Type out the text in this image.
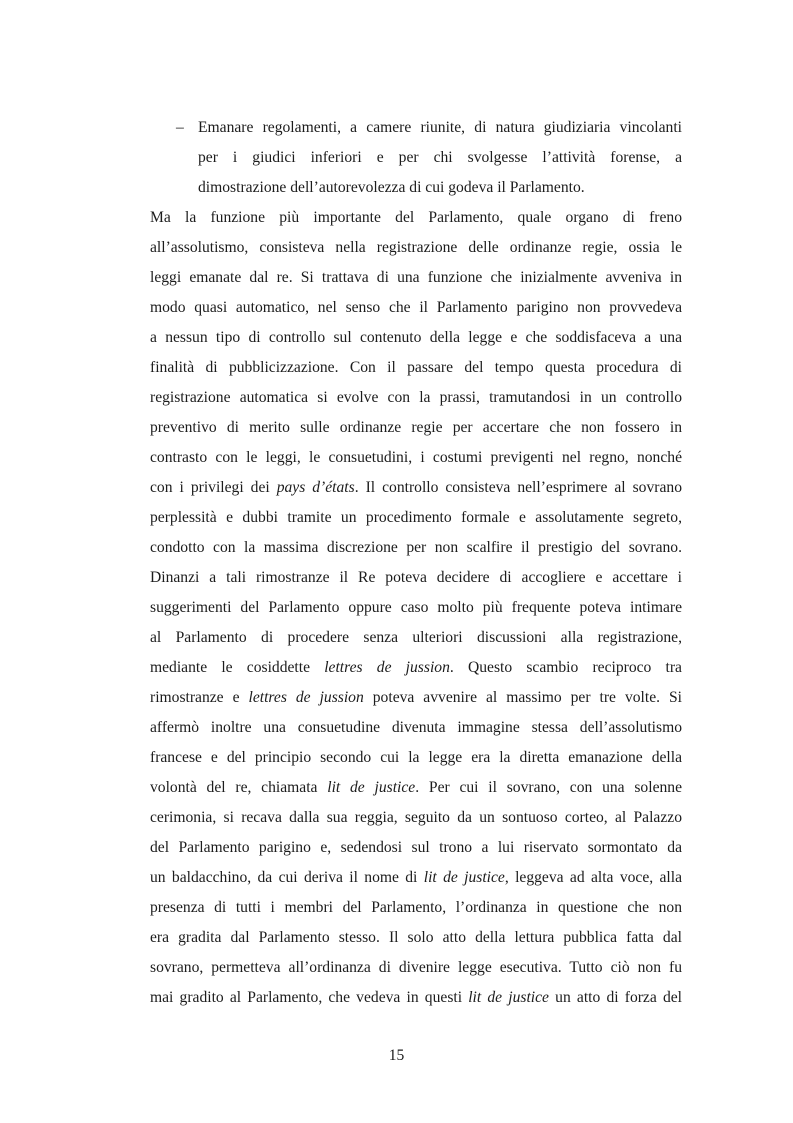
– Emanare regolamenti, a camere riunite, di natura giudiziaria vincolanti
per i giudici inferiori e per chi svolgesse l’attività forense, a
dimostrazione dell’autorevolezza di cui godeva il Parlamento.
Ma la funzione più importante del Parlamento, quale organo di freno
all’assolutismo, consisteva nella registrazione delle ordinanze regie, ossia le
leggi emanate dal re. Si trattava di una funzione che inizialmente avveniva in
modo quasi automatico, nel senso che il Parlamento parigino non provvedeva
a nessun tipo di controllo sul contenuto della legge e che soddisfaceva a una
finalità di pubblicizzazione. Con il passare del tempo questa procedura di
registrazione automatica si evolve con la prassi, tramutandosi in un controllo
preventivo di merito sulle ordinanze regie per accertare che non fossero in
contrasto con le leggi, le consuetudini, i costumi previgenti nel regno, nonché
con i privilegi dei pays d’états. Il controllo consisteva nell’esprimere al sovrano
perplessità e dubbi tramite un procedimento formale e assolutamente segreto,
condotto con la massima discrezione per non scalfire il prestigio del sovrano.
Dinanzi a tali rimostranze il Re poteva decidere di accogliere e accettare i
suggerimenti del Parlamento oppure caso molto più frequente poteva intimare
al Parlamento di procedere senza ulteriori discussioni alla registrazione,
mediante le cosiddette lettres de jussion. Questo scambio reciproco tra
rimostranze e lettres de jussion poteva avvenire al massimo per tre volte. Si
affermò inoltre una consuetudine divenuta immagine stessa dell’assolutismo
francese e del principio secondo cui la legge era la diretta emanazione della
volontà del re, chiamata lit de justice. Per cui il sovrano, con una solenne
cerimonia, si recava dalla sua reggia, seguito da un sontuoso corteo, al Palazzo
del Parlamento parigino e, sedendosi sul trono a lui riservato sormontato da
un baldacchino, da cui deriva il nome di lit de justice, leggeva ad alta voce, alla
presenza di tutti i membri del Parlamento, l’ordinanza in questione che non
era gradita dal Parlamento stesso. Il solo atto della lettura pubblica fatta dal
sovrano, permetteva all’ordinanza di divenire legge esecutiva. Tutto ciò non fu
mai gradito al Parlamento, che vedeva in questi lit de justice un atto di forza del
15
